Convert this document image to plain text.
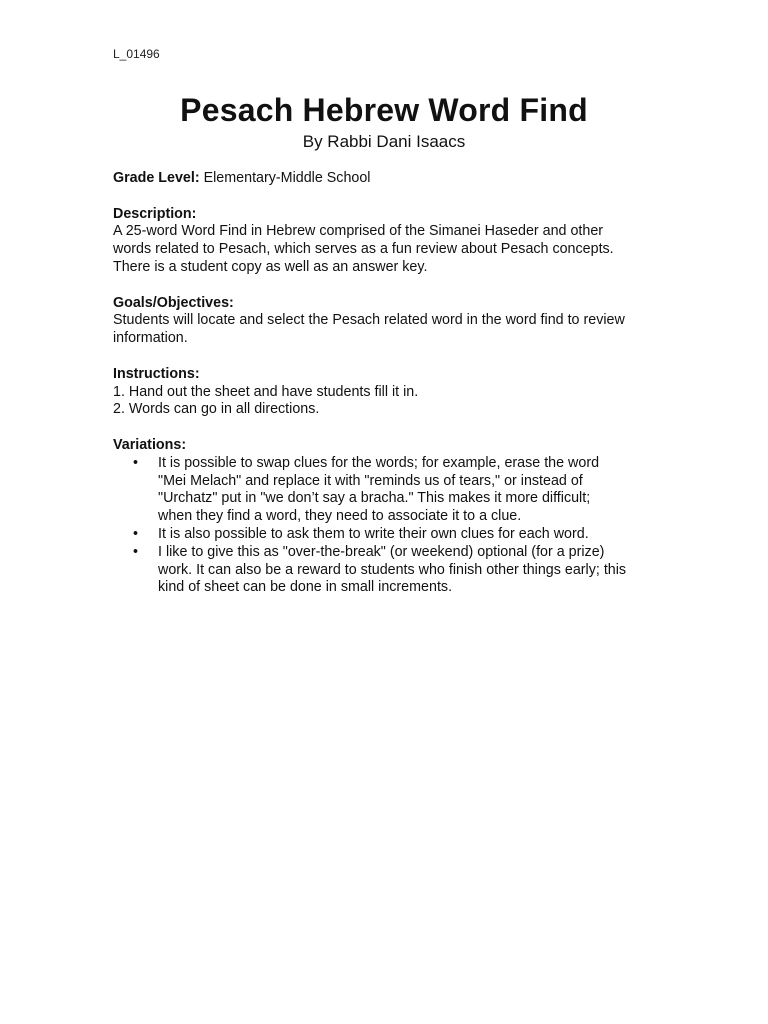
L_01496
Pesach Hebrew Word Find
By Rabbi Dani Isaacs
Grade Level: Elementary-Middle School

Description:

A 25-word Word Find in Hebrew comprised of the Simanei Haseder and other

words related to Pesach, which serves as a fun review about Pesach concepts.

There is a student copy as well as an answer key.

Goals/Objectives:

Students will locate and select the Pesach related word in the word find to review

information.

Instructions:

1. Hand out the sheet and have students fill it in.

2. Words can go in all directions.

Variations:

• It is possible to swap clues for the words; for example, erase the word
"Mei Melach" and replace it with "reminds us of tears," or instead of
"Urchatz" put in "we don’t say a bracha." This makes it more difficult;
when they find a word, they need to associate it to a clue.
• It is also possible to ask them to write their own clues for each word.
• I like to give this as "over-the-break" (or weekend) optional (for a prize)
work. It can also be a reward to students who finish other things early; this
kind of sheet can be done in small increments.
